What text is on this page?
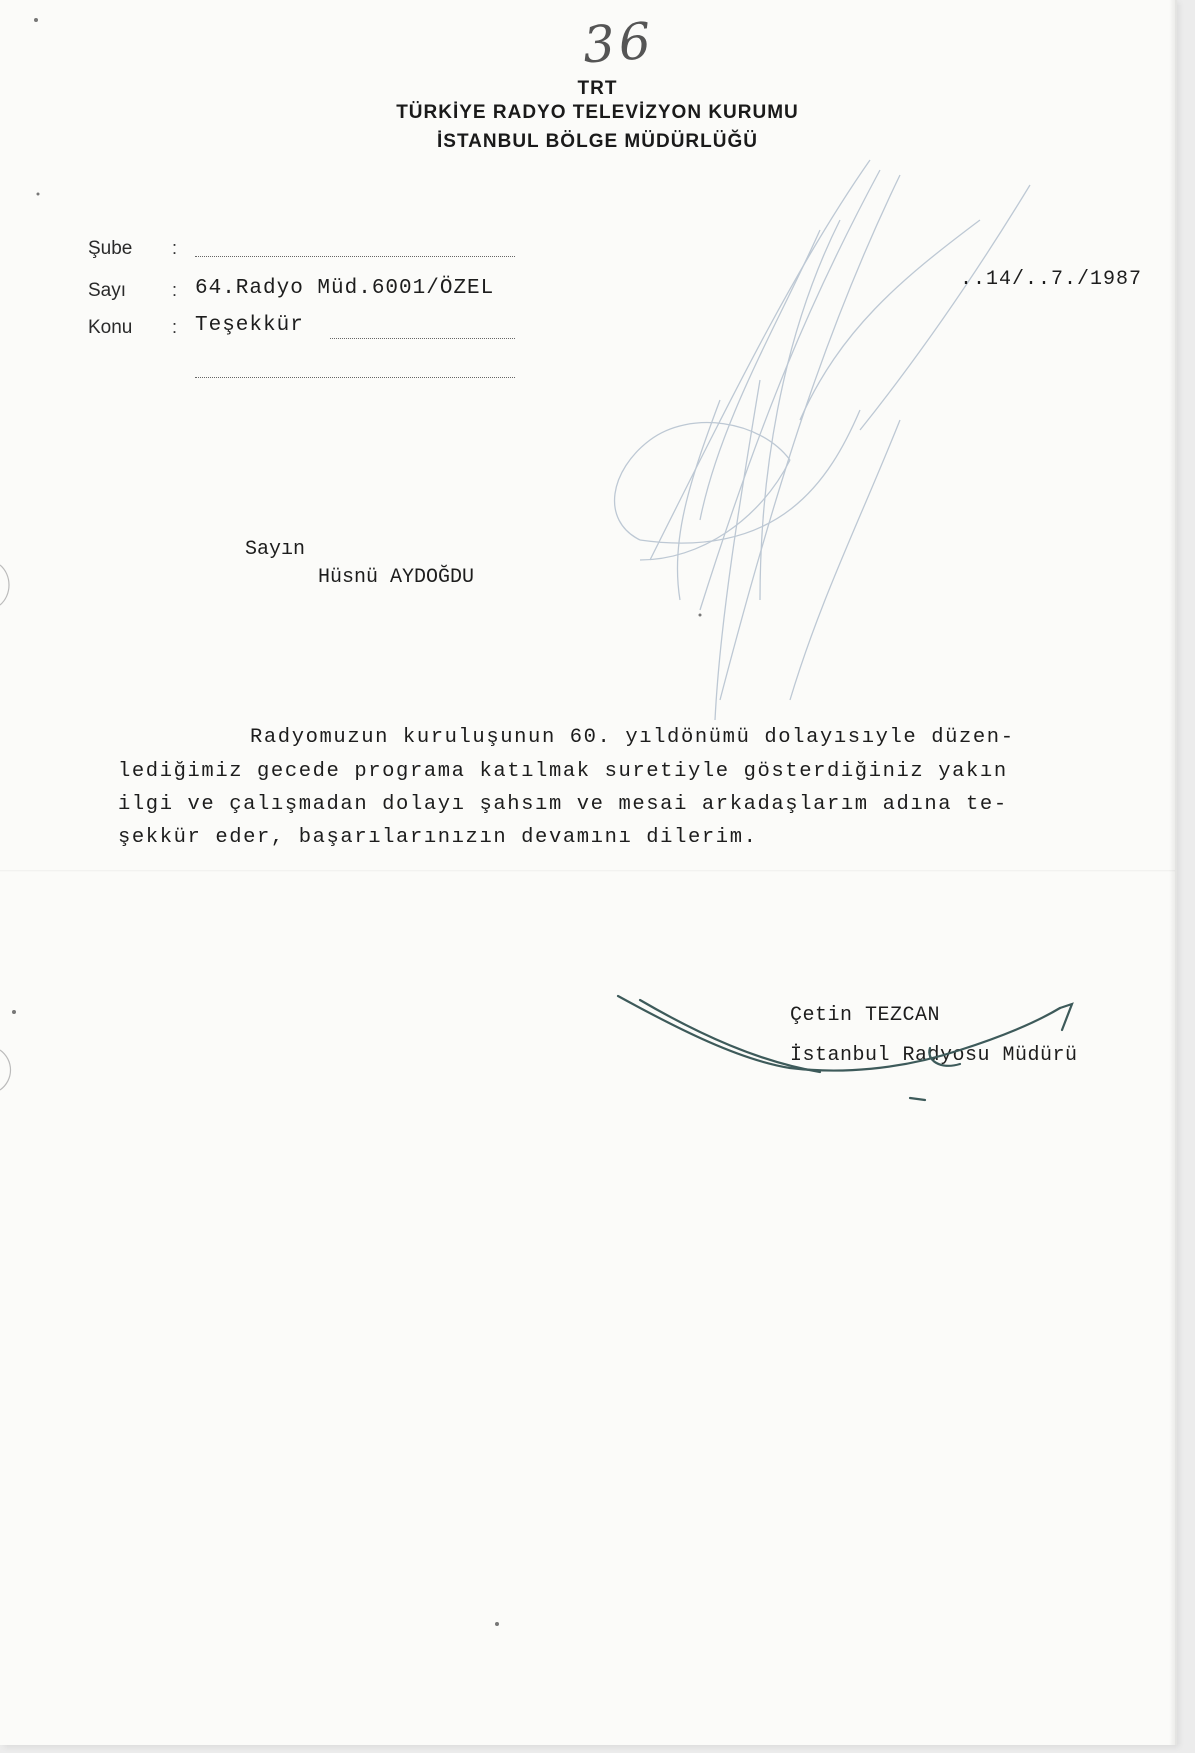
36
TRT
TÜRKİYE RADYO TELEVİZYON KURUMU
İSTANBUL BÖLGE MÜDÜRLÜĞÜ
Şube :
Sayı	: 64.Radyo Müd.6001/ÖZEL
Konu : Teşekkür
..14/..7./1987
Sayın
Hüsnü AYDOĞDU
Radyomuzun kuruluşunun 60. yıldönümü dolayısıyle düzen-
lediğimiz gecede programa katılmak suretiyle gösterdiğiniz yakın
ilgi ve çalışmadan dolayı şahsım ve mesai arkadaşlarım adına te-
şekkür eder, başarılarınızın devamını dilerim.
Çetin TEZCAN
İstanbul Radyosu Müdürü
